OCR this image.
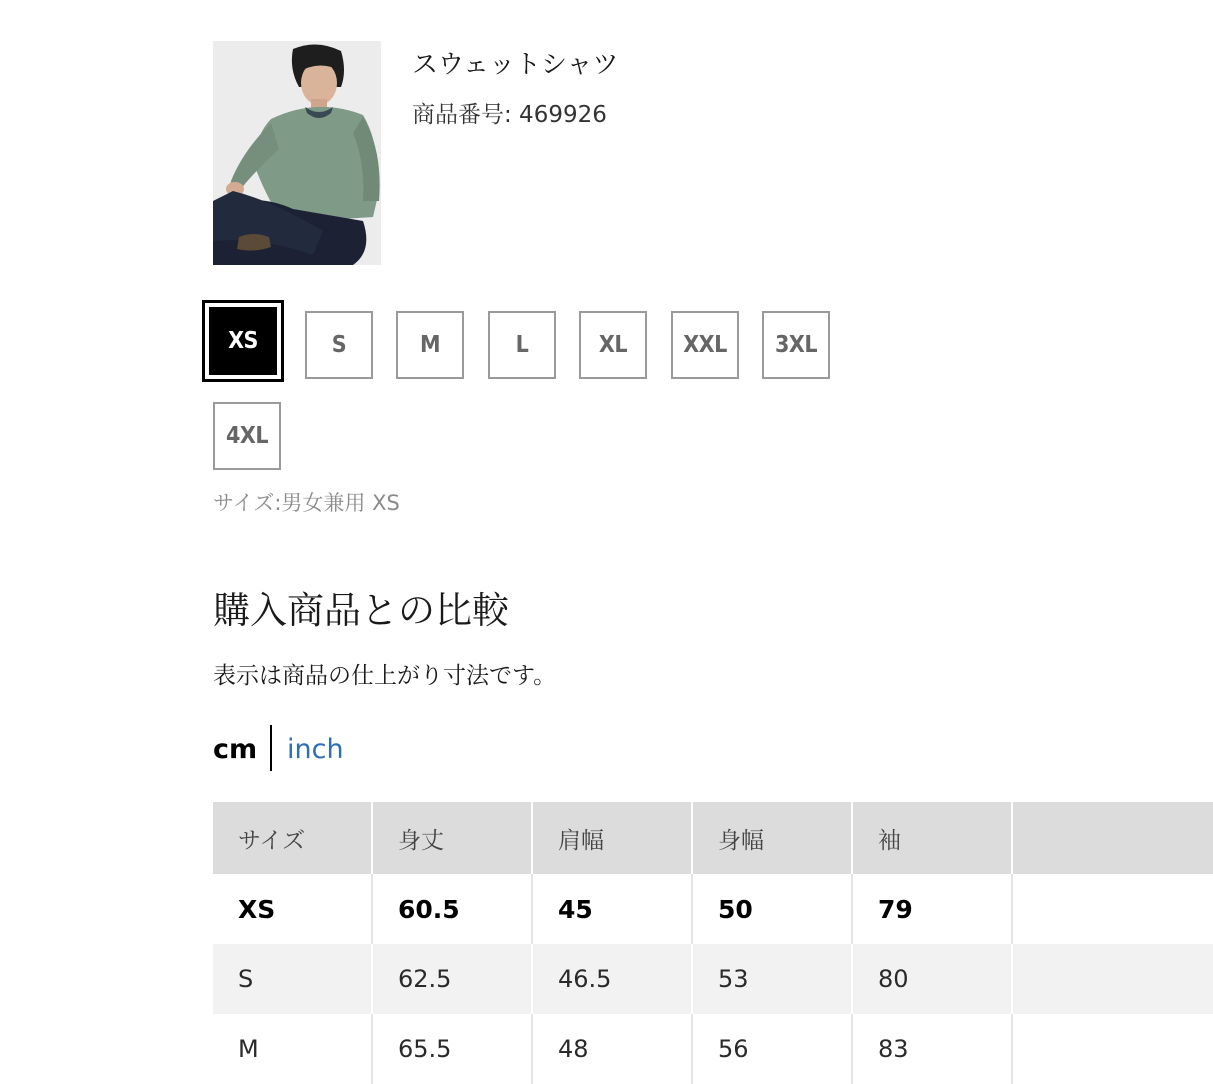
スウェットシャツ
商品番号: 469926
XS	S	M	L	XL	XXL	3XL
4XL
サイズ:男女兼用 XS
購入商品との比較
表示は商品の仕上がり寸法です。
cm inch
サイズ	身丈	肩幅	身幅	袖
XS	60.5	45	50	79
S	62.5	46.5	53	80
M	65.5	48	56	83
